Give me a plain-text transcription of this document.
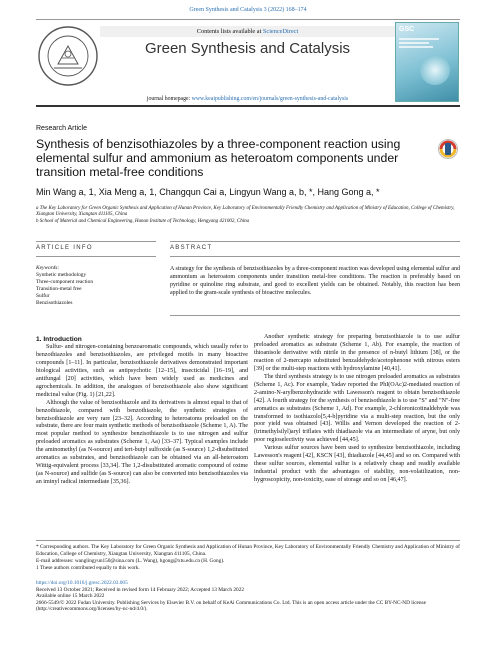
Green Synthesis and Catalysis 3 (2022) 168–174
Contents lists available at ScienceDirect
Green Synthesis and Catalysis
journal homepage: www.keaipublishing.com/en/journals/green-synthesis-and-catalysis
GSC
Research Article
Synthesis of benzisothiazoles by a three-component reaction using elemental sulfur and ammonium as heteroatom components under transition metal-free conditions
Min Wang a, 1, Xia Meng a, 1, Changqun Cai a, Lingyun Wang a, b, *, Hang Gong a, *
a The Key Laboratory for Green Organic Synthesis and Application of Hunan Province, Key Laboratory of Environmentally Friendly Chemistry and Application of Ministry of Education, College of Chemistry, Xiangtan University, Xiangtan 411105, China
b School of Material and Chemical Engineering, Hunan Institute of Technology, Hengyang 421002, China
ARTICLE INFO	ABSTRACT
Keywords:
Synthetic methodology
Three-component reaction
Transition-metal free
Sulfur
Benzisothiazoles
A strategy for the synthesis of benzisothiazoles by a three-component reaction was developed using elemental sulfur and ammonium as heteroatom components under transition metal-free conditions. The reaction is preferably based on pyridine or quinoline ring substrate, and good to excellent yields can be obtained. Notably, this reaction has been applied to the gram-scale synthesis of bioactive molecules.

1. Introduction

Sulfur- and nitrogen-containing benzoaromatic compounds, which usually refer to benzothiazoles and benzisothiazoles, are privileged motifs in many bioactive compounds [1–11]. In particular, benzisothiazole derivatives demonstrated important biological activities, such as antipsychotic [12–15], insecticidal [16–19], and antifungal [20] activities, which have been widely used as medicines and agrochemicals. In addition, the analogues of benzisothiazole also show significant medicinal value (Fig. 1) [21,22].

Although the value of benzisothiazole and its derivatives is almost equal to that of benzothiazole, compared with benzothiazole, the synthetic strategies of benzisothiazole are very rare [23–32]. According to heteroatoms preloaded on the substrate, there are four main synthetic methods of benzisothiazole (Scheme 1, A). The most popular method to synthesize benzisothiazole is to use nitrogen and sulfur preloaded aromatics as substrates (Scheme 1, Aa) [33–37]. Typical examples include the aminomethyl (as N-source) and tert-butyl sulfoxide (as S-source) 1,2-disubstituted aromatics as substrates, and benzisothiazole can be obtained via an all-heteroatom Wittig-equivalent process [33,34]. The 1,2-disubstituted aromatic compound of oxime (as N-source) and sulfide (as S-source) can also be converted into benzisothiazoles via an iminyl radical intermediate [35,36].

Another synthetic strategy for preparing benzisothiazole is to use sulfur preloaded aromatics as substrate (Scheme 1, Ab). For example, the reaction of thioanisole derivative with nitrile in the presence of n-butyl lithium [38], or the reaction of 2-mercapto substituted benzaldehyde/acetophenone with nitrous esters [39] or the multi-step reactions with hydroxylamine [40,41].

The third synthesis strategy is to use nitrogen preloaded aromatics as substrates (Scheme 1, Ac). For example, Yadav reported the PhI(OAc)2-mediated reaction of 2-amino-N-arylbenzohydrazide with Lawesson's reagent to obtain benzisothiazole [42]. A fourth strategy for the synthesis of benzisothiazole is to use "S" and "N"-free aromatics as substrates (Scheme 1, Ad). For example, 2-chloronicotinaldehyde was transformed to isothiazolo[5,4-b]pyridine via a multi-step reaction, but the only poor yield was obtained [43]. Willis and Vernon developed the reaction of 2-(trimethylsilyl)aryl triflates with thiadiazole via an intermediate of aryne, but only poor regioselectivity was achieved [44,45].

Various sulfur sources have been used to synthesize benzisothiazole, including Lawesson's reagent [42], KSCN [43], thiadiazole [44,45] and so on. Compared with these sulfur sources, elemental sulfur is a relatively cheap and readily available industrial product with the advantages of stability, non-volatilization, non-hygroscopicity, non-toxicity, ease of storage and so on [46,47].

* Corresponding authors. The Key Laboratory for Green Organic Synthesis and Application of Hunan Province, Key Laboratory of Environmentally Friendly Chemistry and Application of Ministry of Education, College of Chemistry, Xiangtan University, Xiangtan 411105, China.
E-mail addresses: wanglingyun150@sina.com (L. Wang), hgong@xtu.edu.cn (H. Gong).
1 These authors contributed equally to this work.
https://doi.org/10.1016/j.gresc.2022.03.005
Received 13 October 2021; Received in revised form 14 February 2022; Accepted 13 March 2022
Available online 15 March 2022
2666-5549/© 2022 Fudan University. Publishing Services by Elsevier B.V. on behalf of KeAi Communications Co. Ltd. This is an open access article under the CC BY-NC-ND license (http://creativecommons.org/licenses/by-nc-nd/4.0/).
